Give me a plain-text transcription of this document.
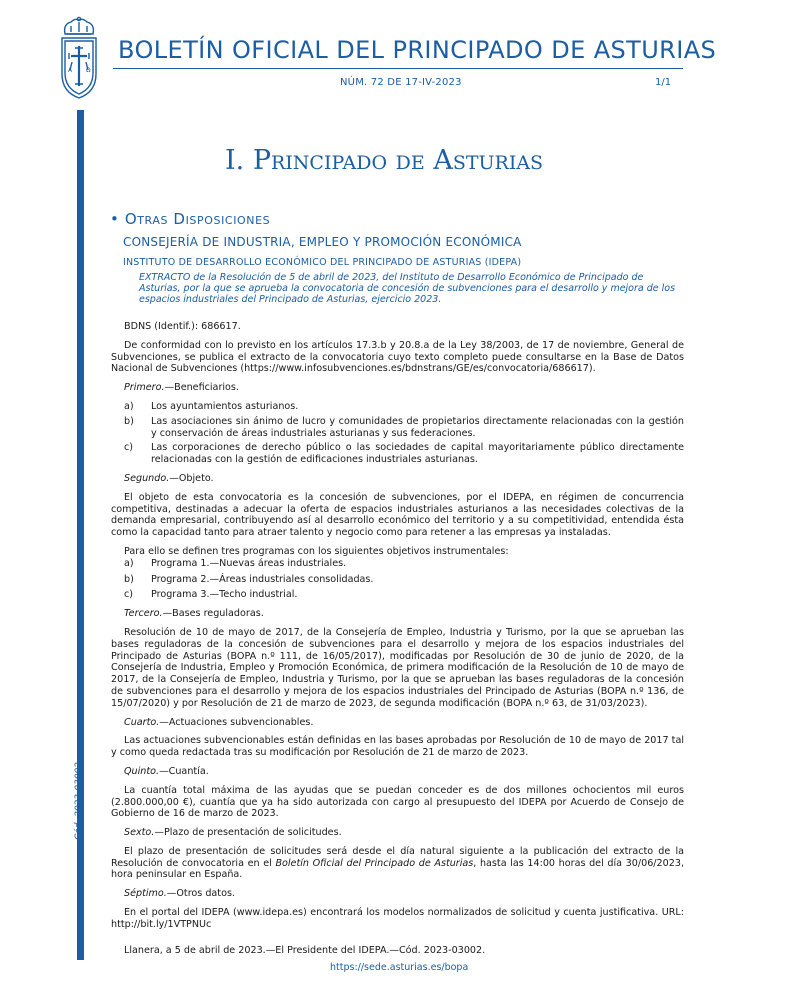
A Ω
BOLETÍN OFICIAL DEL PRINCIPADO DE ASTURIAS
NÚM. 72 DE 17-IV-2023	1/1
Cód. 2023-03002
I. Principado de Asturias
• Otras Disposiciones
CONSEJERÍA DE INDUSTRIA, EMPLEO Y PROMOCIÓN ECONÓMICA
INSTITUTO DE DESARROLLO ECONÓMICO DEL PRINCIPADO DE ASTURIAS (IDEPA)
EXTRACTO de la Resolución de 5 de abril de 2023, del Instituto de Desarrollo Económico de Principado de Asturias, por la que se aprueba la convocatoria de concesión de subvenciones para el desarrollo y mejora de los espacios industriales del Principado de Asturias, ejercicio 2023.

BDNS (Identif.): 686617.

De conformidad con lo previsto en los artículos 17.3.b y 20.8.a de la Ley 38/2003, de 17 de noviembre, General de Subvenciones, se publica el extracto de la convocatoria cuyo texto completo puede consultarse en la Base de Datos Nacional de Subvenciones (https://www.infosubvenciones.es/bdnstrans/GE/es/convocatoria/686617).

Primero.—Beneficiarios.

a)	Los ayuntamientos asturianos.
b)	Las asociaciones sin ánimo de lucro y comunidades de propietarios directamente relacionadas con la gestión y conservación de áreas industriales asturianas y sus federaciones.
c)	Las corporaciones de derecho público o las sociedades de capital mayoritariamente público directamente relacionadas con la gestión de edificaciones industriales asturianas.

Segundo.—Objeto.

El objeto de esta convocatoria es la concesión de subvenciones, por el IDEPA, en régimen de concurrencia competitiva, destinadas a adecuar la oferta de espacios industriales asturianos a las necesidades colectivas de la demanda empresarial, contribuyendo así al desarrollo económico del territorio y a su competitividad, entendida ésta como la capacidad tanto para atraer talento y negocio como para retener a las empresas ya instaladas.

Para ello se definen tres programas con los siguientes objetivos instrumentales:

a)	Programa 1.—Nuevas áreas industriales.
b)	Programa 2.—Áreas industriales consolidadas.
c)	Programa 3.—Techo industrial.

Tercero.—Bases reguladoras.

Resolución de 10 de mayo de 2017, de la Consejería de Empleo, Industria y Turismo, por la que se aprueban las bases reguladoras de la concesión de subvenciones para el desarrollo y mejora de los espacios industriales del Principado de Asturias (BOPA n.º 111, de 16/05/2017), modificadas por Resolución de 30 de junio de 2020, de la Consejería de Industria, Empleo y Promoción Económica, de primera modificación de la Resolución de 10 de mayo de 2017, de la Consejería de Empleo, Industria y Turismo, por la que se aprueban las bases reguladoras de la concesión de subvenciones para el desarrollo y mejora de los espacios industriales del Principado de Asturias (BOPA n.º 136, de 15/07/2020) y por Resolución de 21 de marzo de 2023, de segunda modificación (BOPA n.º 63, de 31/03/2023).

Cuarto.—Actuaciones subvencionables.

Las actuaciones subvencionables están definidas en las bases aprobadas por Resolución de 10 de mayo de 2017 tal y como queda redactada tras su modificación por Resolución de 21 de marzo de 2023.

Quinto.—Cuantía.

La cuantía total máxima de las ayudas que se puedan conceder es de dos millones ochocientos mil euros (2.800.000,00 €), cuantía que ya ha sido autorizada con cargo al presupuesto del IDEPA por Acuerdo de Consejo de Gobierno de 16 de marzo de 2023.

Sexto.—Plazo de presentación de solicitudes.

El plazo de presentación de solicitudes será desde el día natural siguiente a la publicación del extracto de la Resolución de convocatoria en el Boletín Oficial del Principado de Asturias, hasta las 14:00 horas del día 30/06/2023, hora peninsular en España.

Séptimo.—Otros datos.

En el portal del IDEPA (www.idepa.es) encontrará los modelos normalizados de solicitud y cuenta justificativa. URL: http://bit.ly/1VTPNUc

Llanera, a 5 de abril de 2023.—El Presidente del IDEPA.—Cód. 2023-03002.

https://sede.asturias.es/bopa
